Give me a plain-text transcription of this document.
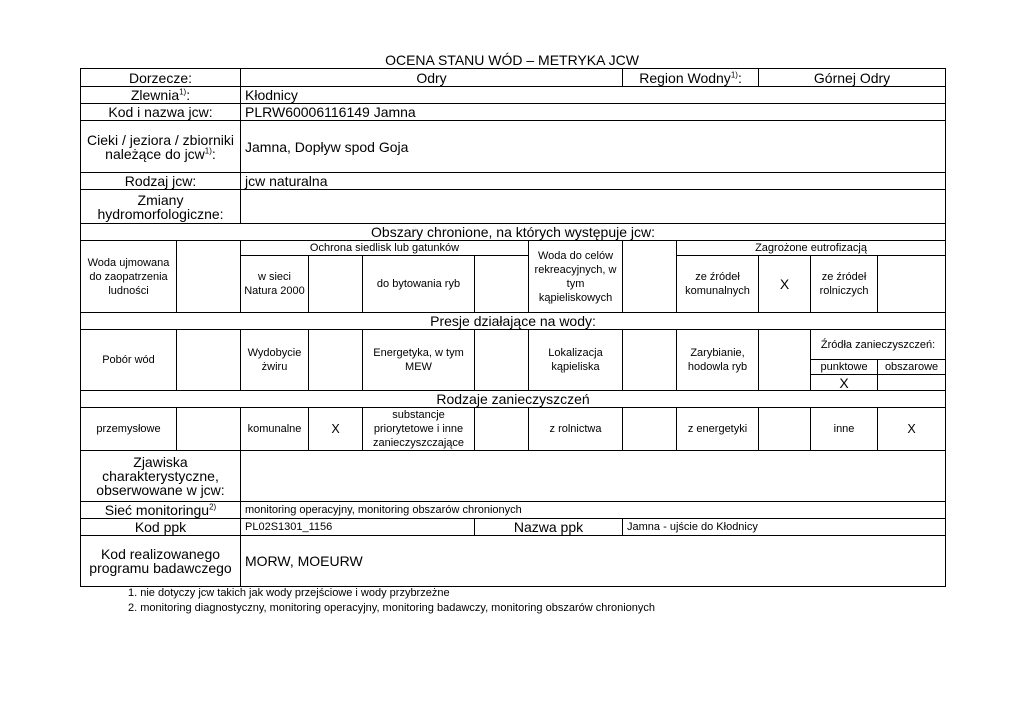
OCENA STANU WÓD – METRYKA JCW
Dorzecze:		Odry					Region Wodny$^{1)}$:		Górnej Odry		
Zlewnia$^{1)}$:		Kłodnicy									
Kod i nazwa jcw:		PLRW60006116149 Jamna									
Cieki / jeziora / zbiorniki należące do jcw$^{1)}$:		Jamna, Dopływ spod Goja									
Rodzaj jcw:		jcw naturalna									
Zmiany hydromorfologiczne:											
Obszary chronione, na których występuje jcw:											
Woda ujmowana do zaopatrzenia ludności		Ochrona siedlisk lub gatunków				Woda do celów rekreacyjnych, w tym kąpieliskowych		Zagrożone eutrofizacją			
		w sieci Natura 2000		do bytowania ryb				ze źródeł komunalnych	X	ze źródeł rolniczych	
Presje działające na wody:											
Pobór wód		Wydobycie żwiru		Energetyka, w tym MEW		Lokalizacja kąpieliska		Zarybianie, hodowla ryb		Źródła zanieczyszczeń:	
										punktowe	obszarowe
										X	
Rodzaje zanieczyszczeń											
przemysłowe		komunalne	X	substancje priorytetowe i inne zanieczyszczające		z rolnictwa		z energetyki		inne	X
Zjawiska charakterystyczne, obserwowane w jcw:											
Sieć monitoringu$^{2)}$		monitoring operacyjny, monitoring obszarów chronionych									
Kod ppk		PL02S1301_1156			Nazwa ppk		Jamna - ujście do Kłodnicy				
Kod realizowanego programu badawczego		MORW, MOEURW									
1. nie dotyczy jcw takich jak wody przejściowe i wody przybrzeżne
2. monitoring diagnostyczny, monitoring operacyjny, monitoring badawczy, monitoring obszarów chronionych
